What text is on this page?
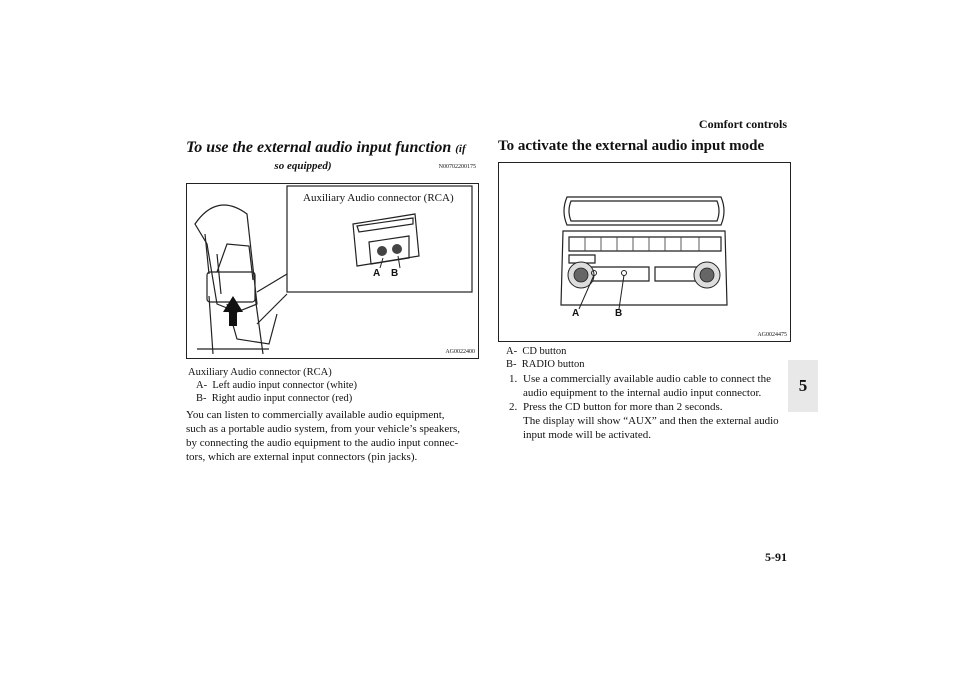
Comfort controls
5-91
5
To use the external audio input function (if
so equipped)	N00702200175
Auxiliary Audio connector (RCA)
A B
AG0022400
Auxiliary Audio connector (RCA)
A- Left audio input connector (white)
B- Right audio input connector (red)
You can listen to commercially available audio equipment,
such as a portable audio system, from your vehicle’s speakers,
by connecting the audio equipment to the audio input connec-
tors, which are external input connectors (pin jacks).
To activate the external audio input mode
A	B
AG0024475
A- CD button
B- RADIO button
1. Use a commercially available audio cable to connect the
audio equipment to the internal audio input connector.
2. Press the CD button for more than 2 seconds.
The display will show “AUX” and then the external audio
input mode will be activated.
